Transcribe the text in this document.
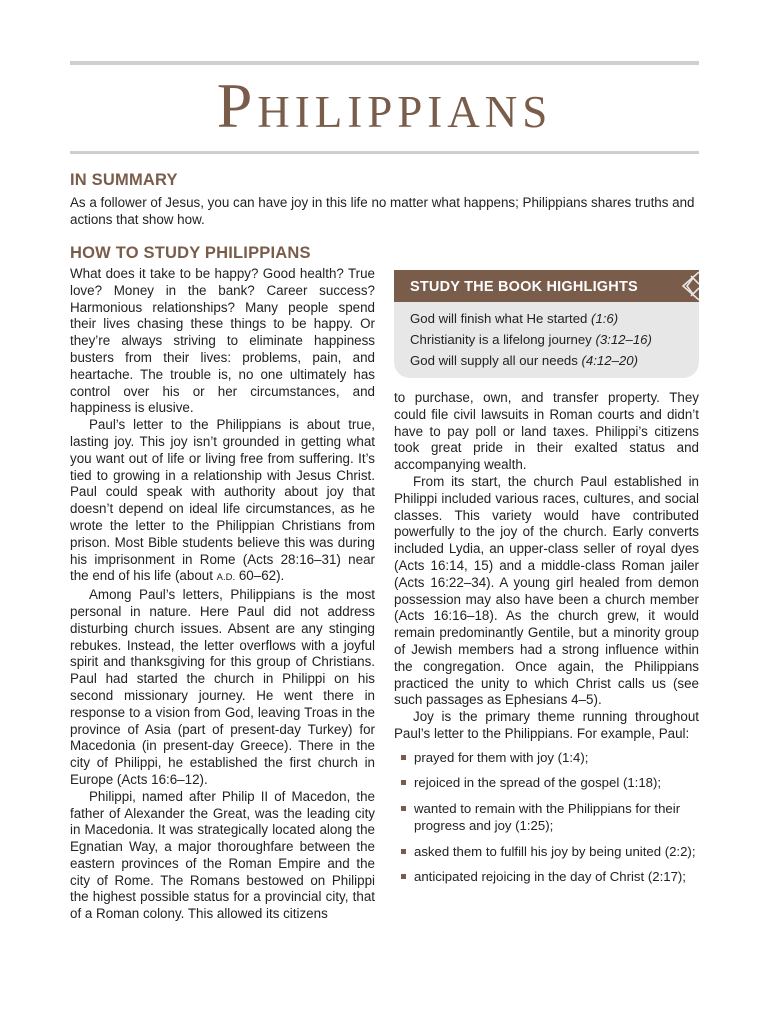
PHILIPPIANS
IN SUMMARY

As a follower of Jesus, you can have joy in this life no matter what happens; Philippians shares truths and actions that show how.

HOW TO STUDY PHILIPPIANS

What does it take to be happy? Good health? True love? Money in the bank? Career success? Harmonious relationships? Many people spend their lives chasing these things to be happy. Or they’re always striving to eliminate happiness busters from their lives: problems, pain, and heartache. The trouble is, no one ultimately has control over his or her circumstances, and happiness is elusive.

Paul’s letter to the Philippians is about true, lasting joy. This joy isn’t grounded in getting what you want out of life or living free from suffering. It’s tied to growing in a relationship with Jesus Christ. Paul could speak with authority about joy that doesn’t depend on ideal life circumstances, as he wrote the letter to the Philippian Christians from prison. Most Bible students believe this was during his imprisonment in Rome (Acts 28:16–31) near the end of his life (about A.D. 60–62).

Among Paul’s letters, Philippians is the most personal in nature. Here Paul did not address disturbing church issues. Absent are any stinging rebukes. Instead, the letter overflows with a joyful spirit and thanksgiving for this group of Christians. Paul had started the church in Philippi on his second missionary journey. He went there in response to a vision from God, leaving Troas in the province of Asia (part of present-day Turkey) for Macedonia (in present-day Greece). There in the city of Philippi, he established the first church in Europe (Acts 16:6–12).

Philippi, named after Philip II of Macedon, the father of Alexander the Great, was the leading city in Macedonia. It was strategically located along the Egnatian Way, a major thoroughfare between the eastern provinces of the Roman Empire and the city of Rome. The Romans bestowed on Philippi the highest possible status for a provincial city, that of a Roman colony. This allowed its citizens

STUDY THE BOOK HIGHLIGHTS
God will finish what He started (1:6)
Christianity is a lifelong journey (3:12–16)
God will supply all our needs (4:12–20)

to purchase, own, and transfer property. They could file civil lawsuits in Roman courts and didn’t have to pay poll or land taxes. Philippi’s citizens took great pride in their exalted status and accompanying wealth.

From its start, the church Paul established in Philippi included various races, cultures, and social classes. This variety would have contributed powerfully to the joy of the church. Early converts included Lydia, an upper-class seller of royal dyes (Acts 16:14, 15) and a middle-class Roman jailer (Acts 16:22–34). A young girl healed from demon possession may also have been a church member (Acts 16:16–18). As the church grew, it would remain predominantly Gentile, but a minority group of Jewish members had a strong influence within the congregation. Once again, the Philippians practiced the unity to which Christ calls us (see such passages as Ephesians 4–5).

Joy is the primary theme running throughout Paul’s letter to the Philippians. For example, Paul:

prayed for them with joy (1:4);
rejoiced in the spread of the gospel (1:18);
wanted to remain with the Philippians for their progress and joy (1:25);
asked them to fulfill his joy by being united (2:2);
anticipated rejoicing in the day of Christ (2:17);
